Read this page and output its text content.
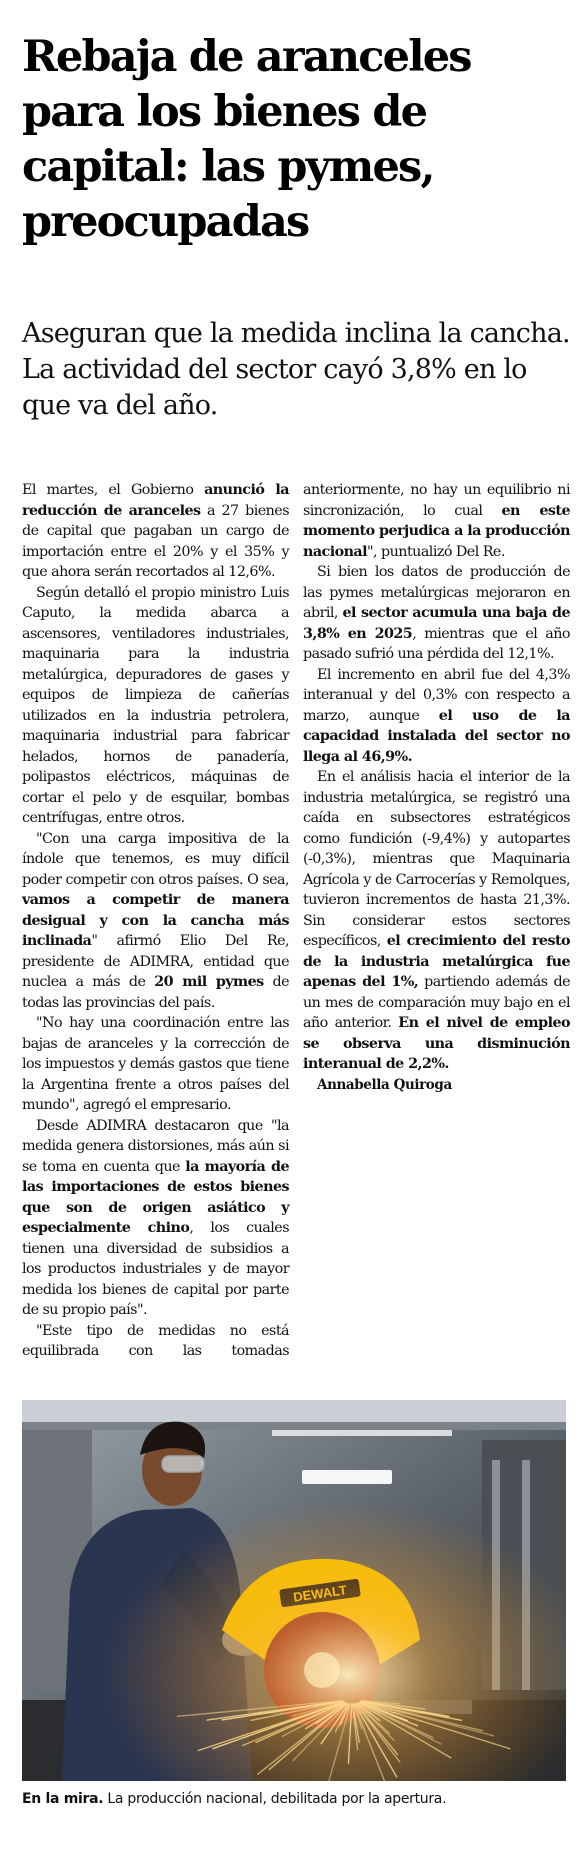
Rebaja de aranceles para los bienes de capital: las pymes, preocupadas
Aseguran que la medida inclina la cancha. La actividad del sector cayó 3,8% en lo que va del año.

El martes, el Gobierno anunció la reducción de aranceles a 27 bienes de capital que pagaban un cargo de importación entre el 20% y el 35% y que ahora serán recortados al 12,6%.

Según detalló el propio ministro Luis Caputo, la medida abarca a ascensores, ventiladores industriales, maquinaria para la industria metalúrgica, depuradores de gases y equipos de limpieza de cañerías utilizados en la industria petrolera, maquinaria industrial para fabricar helados, hornos de panadería, polipastos eléctricos, máquinas de cortar el pelo y de esquilar, bombas centrífugas, entre otros.

"Con una carga impositiva de la índole que tenemos, es muy difícil poder competir con otros países. O sea, vamos a competir de manera desigual y con la cancha más inclinada" afirmó Elio Del Re, presidente de ADIMRA, entidad que nuclea a más de 20 mil pymes de todas las provincias del país.

"No hay una coordinación entre las bajas de aranceles y la corrección de los impuestos y demás gastos que tiene la Argentina frente a otros países del mundo", agregó el empresario.

Desde ADIMRA destacaron que "la medida genera distorsiones, más aún si se toma en cuenta que la mayoría de las importaciones de estos bienes que son de origen asiático y especialmente chino, los cuales tienen una diversidad de subsidios a los productos industriales y de mayor medida los bienes de capital por parte de su propio país".

"Este tipo de medidas no está equilibrada con las tomadas anteriormente, no hay un equilibrio ni sincronización, lo cual en este momento perjudica a la producción nacional", puntualizó Del Re.

Si bien los datos de producción de las pymes metalúrgicas mejoraron en abril, el sector acumula una baja de 3,8% en 2025, mientras que el año pasado sufrió una pérdida del 12,1%.

El incremento en abril fue del 4,3% interanual y del 0,3% con respecto a marzo, aunque el uso de la capacidad instalada del sector no llega al 46,9%.

En el análisis hacia el interior de la industria metalúrgica, se registró una caída en subsectores estratégicos como fundición (-9,4%) y autopartes (-0,3%), mientras que Maquinaria Agrícola y de Carrocerías y Remolques, tuvieron incrementos de hasta 21,3%. Sin considerar estos sectores específicos, el crecimiento del resto de la industria metalúrgica fue apenas del 1%, partiendo además de un mes de comparación muy bajo en el año anterior. En el nivel de empleo se observa una disminución interanual de 2,2%.

Annabella Quiroga

En la mira. La producción nacional, debilitada por la apertura.
